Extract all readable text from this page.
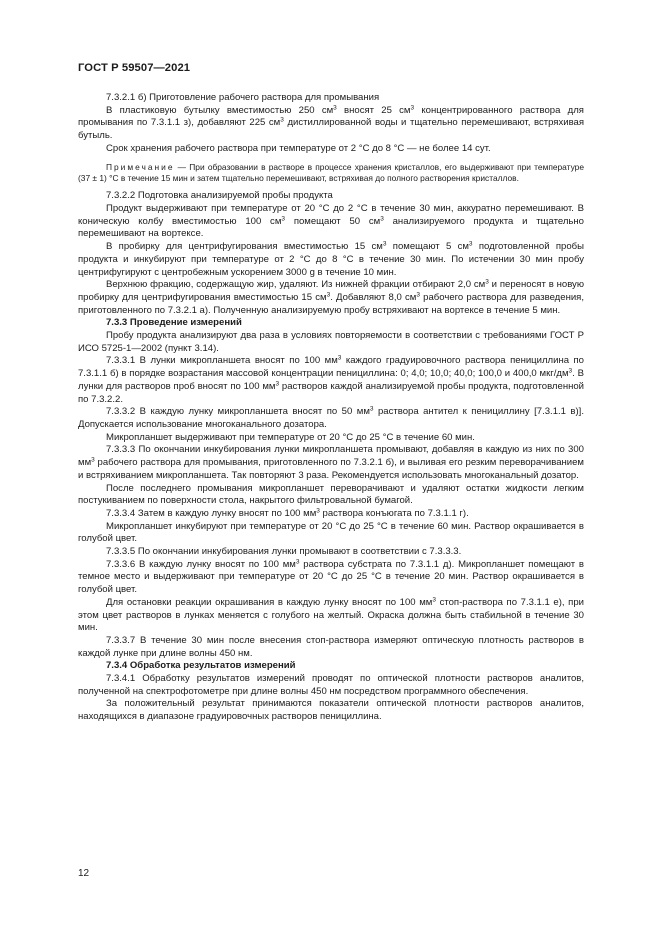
ГОСТ Р 59507—2021

7.3.2.1 б) Приготовление рабочего раствора для промывания

В пластиковую бутылку вместимостью 250 $см^3$ вносят 25 $см^3$ концентрированного раствора для промывания по 7.3.1.1 з), добавляют 225 $см^3$ дистиллированной воды и тщательно перемешивают, встряхивая бутыль.

Срок хранения рабочего раствора при температуре от 2 °С до 8 °С — не более 14 сут.

Примечание — При образовании в растворе в процессе хранения кристаллов, его выдерживают при температуре (37 ± 1) °С в течение 15 мин и затем тщательно перемешивают, встряхивая до полного растворения кристаллов.

7.3.2.2 Подготовка анализируемой пробы продукта

Продукт выдерживают при температуре от 20 °С до 2 °С в течение 30 мин, аккуратно перемешивают. В коническую колбу вместимостью 100 $см^3$ помещают 50 $см^3$ анализируемого продукта и тщательно перемешивают на вортексе.

В пробирку для центрифугирования вместимостью 15 $см^3$ помещают 5 $см^3$ подготовленной пробы продукта и инкубируют при температуре от 2 °С до 8 °С в течение 30 мин. По истечении 30 мин пробу центрифугируют с центробежным ускорением 3000 g в течение 10 мин.

Верхнюю фракцию, содержащую жир, удаляют. Из нижней фракции отбирают 2,0 $см^3$ и переносят в новую пробирку для центрифугирования вместимостью 15 $см^3$. Добавляют 8,0 $см^3$ рабочего раствора для разведения, приготовленного по 7.3.2.1 а). Полученную анализируемую пробу встряхивают на вортексе в течение 5 мин.

7.3.3 Проведение измерений

Пробу продукта анализируют два раза в условиях повторяемости в соответствии с требованиями ГОСТ Р ИСО 5725-1—2002 (пункт 3.14).

7.3.3.1 В лунки микропланшета вносят по 100 $мм^3$ каждого градуировочного раствора пенициллина по 7.3.1.1 б) в порядке возрастания массовой концентрации пенициллина: 0; 4,0; 10,0; 40,0; 100,0 и 400,0 мкг/$дм^3$. В лунки для растворов проб вносят по 100 $мм^3$ растворов каждой анализируемой пробы продукта, подготовленной по 7.3.2.2.

7.3.3.2 В каждую лунку микропланшета вносят по 50 $мм^3$ раствора антител к пенициллину [7.3.1.1 в)]. Допускается использование многоканального дозатора.

Микропланшет выдерживают при температуре от 20 °С до 25 °С в течение 60 мин.

7.3.3.3 По окончании инкубирования лунки микропланшета промывают, добавляя в каждую из них по 300 $мм^3$ рабочего раствора для промывания, приготовленного по 7.3.2.1 б), и выливая его резким переворачиванием и встряхиванием микропланшета. Так повторяют 3 раза. Рекомендуется использовать многоканальный дозатор.

После последнего промывания микропланшет переворачивают и удаляют остатки жидкости легким постукиванием по поверхности стола, накрытого фильтровальной бумагой.

7.3.3.4 Затем в каждую лунку вносят по 100 $мм^3$ раствора конъюгата по 7.3.1.1 г).

Микропланшет инкубируют при температуре от 20 °С до 25 °С в течение 60 мин. Раствор окрашивается в голубой цвет.

7.3.3.5 По окончании инкубирования лунки промывают в соответствии с 7.3.3.3.

7.3.3.6 В каждую лунку вносят по 100 $мм^3$ раствора субстрата по 7.3.1.1 д). Микропланшет помещают в темное место и выдерживают при температуре от 20 °С до 25 °С в течение 20 мин. Раствор окрашивается в голубой цвет.

Для остановки реакции окрашивания в каждую лунку вносят по 100 $мм^3$ стоп-раствора по 7.3.1.1 е), при этом цвет растворов в лунках меняется с голубого на желтый. Окраска должна быть стабильной в течение 30 мин.

7.3.3.7 В течение 30 мин после внесения стоп-раствора измеряют оптическую плотность растворов в каждой лунке при длине волны 450 нм.

7.3.4 Обработка результатов измерений

7.3.4.1 Обработку результатов измерений проводят по оптической плотности растворов аналитов, полученной на спектрофотометре при длине волны 450 нм посредством программного обеспечения.

За положительный результат принимаются показатели оптической плотности растворов аналитов, находящихся в диапазоне градуировочных растворов пенициллина.

12
